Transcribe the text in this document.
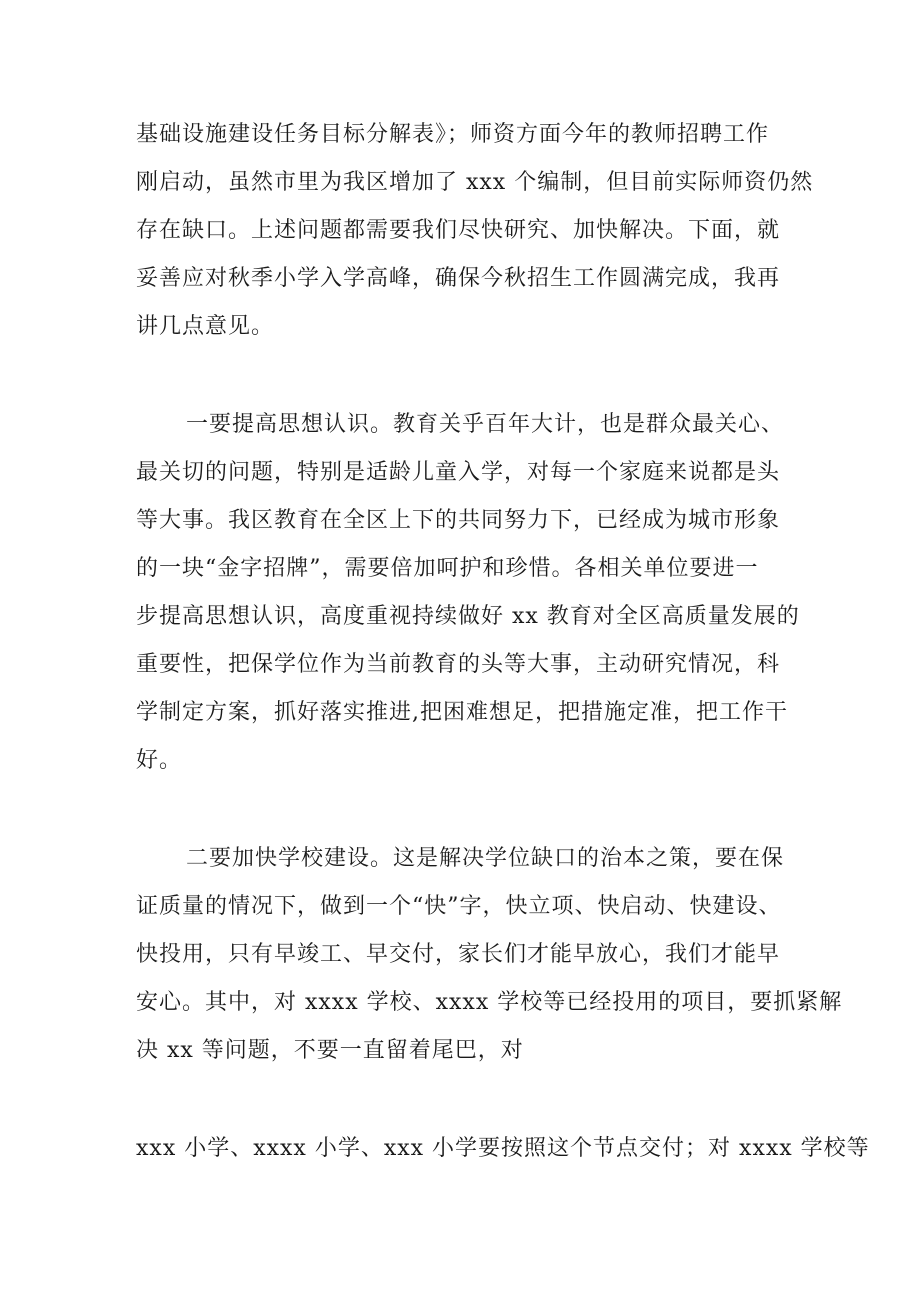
基础设施建设任务目标分解表》；师资方面今年的教师招聘工作
刚启动，虽然市里为我区增加了 xxx 个编制，但目前实际师资仍然
存在缺口。上述问题都需要我们尽快研究、加快解决。下面，就
妥善应对秋季小学入学高峰，确保今秋招生工作圆满完成，我再
讲几点意见。
一要提高思想认识。教育关乎百年大计，也是群众最关心、
最关切的问题，特别是适龄儿童入学，对每一个家庭来说都是头
等大事。我区教育在全区上下的共同努力下，已经成为城市形象
的一块“金字招牌”，需要倍加呵护和珍惜。各相关单位要进一
步提高思想认识，高度重视持续做好 xx 教育对全区高质量发展的
重要性，把保学位作为当前教育的头等大事，主动研究情况，科
学制定方案，抓好落实推进,把困难想足，把措施定准，把工作干
好。
二要加快学校建设。这是解决学位缺口的治本之策，要在保
证质量的情况下，做到一个“快”字，快立项、快启动、快建设、
快投用，只有早竣工、早交付，家长们才能早放心，我们才能早
安心。其中，对 xxxx 学校、xxxx 学校等已经投用的项目，要抓紧解
决 xx 等问题，不要一直留着尾巴，对
xxx 小学、xxxx 小学、xxx 小学要按照这个节点交付；对 xxxx 学校等
